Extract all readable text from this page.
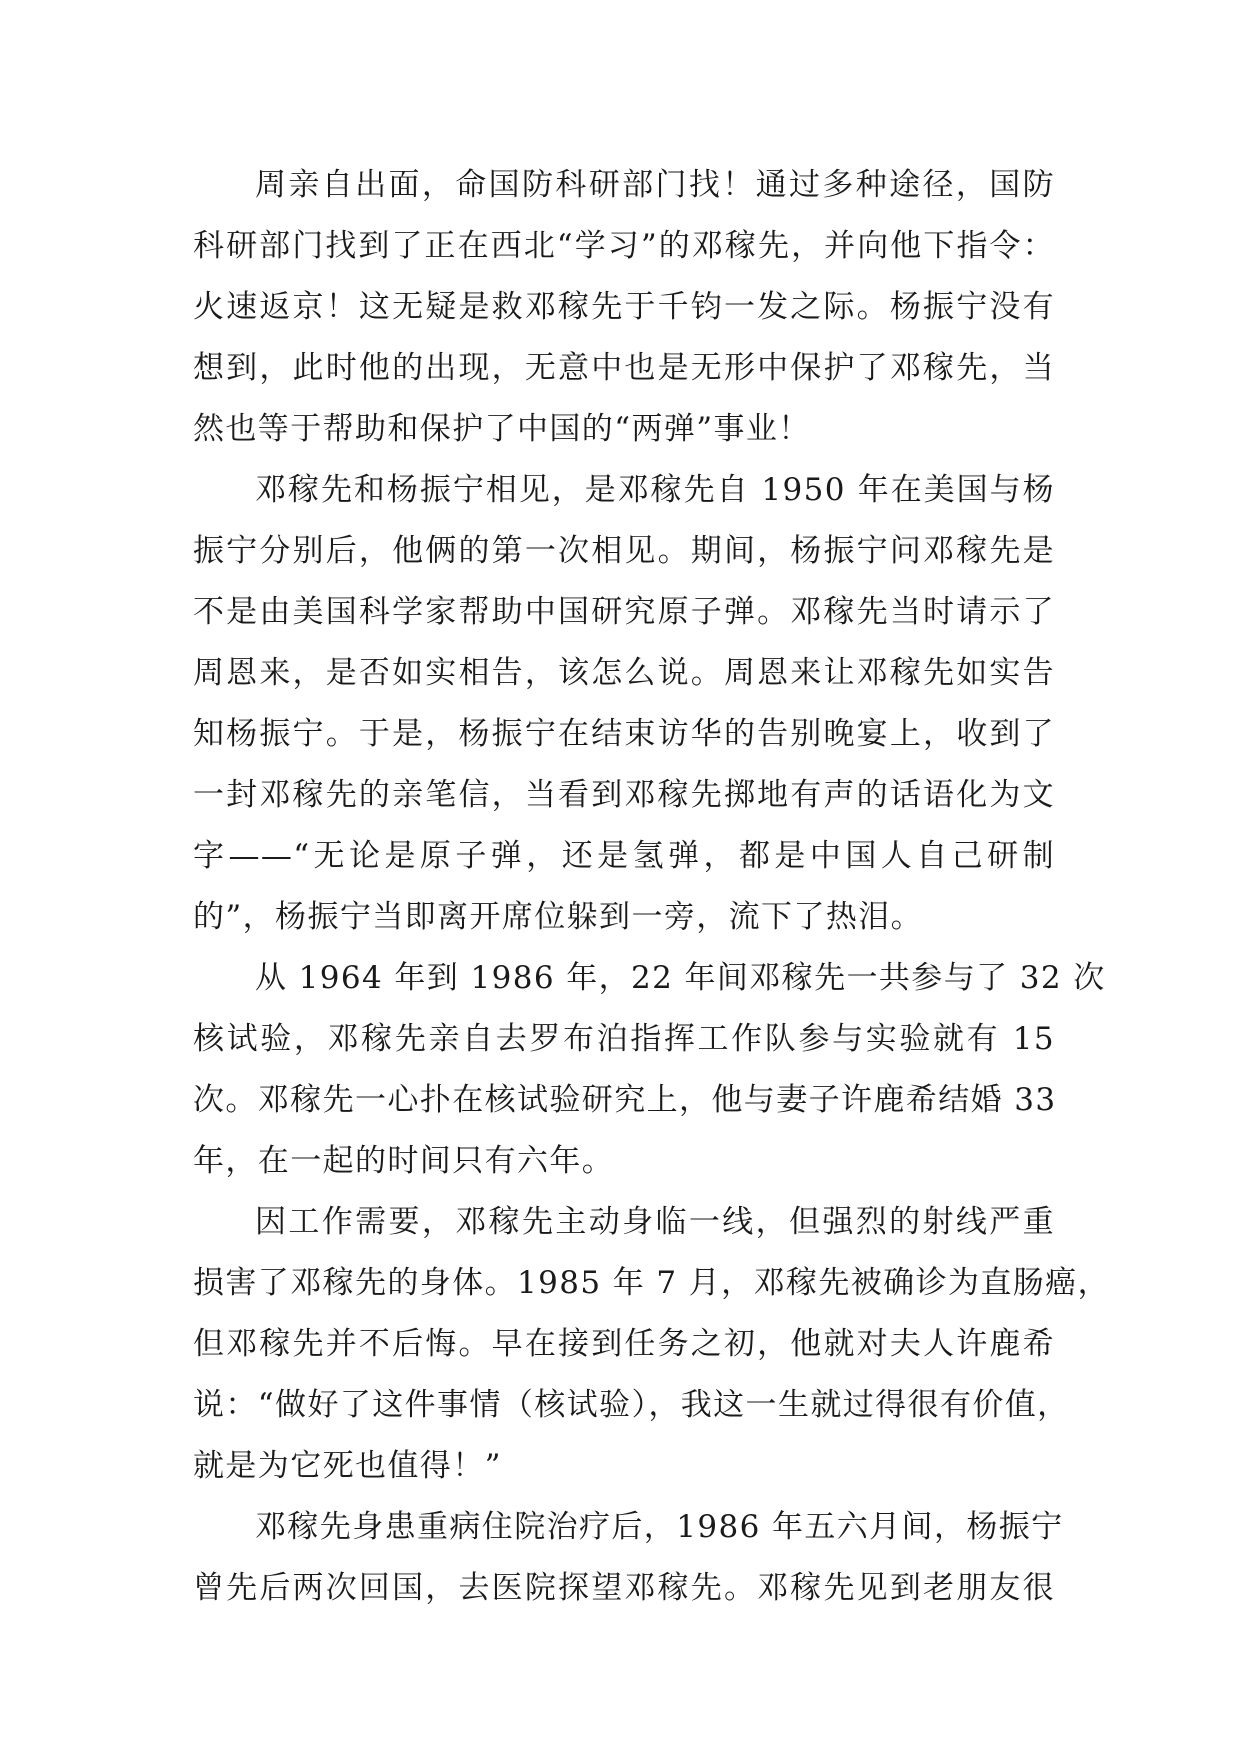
周亲自出面，命国防科研部门找！通过多种途径，国防
科研部门找到了正在西北“学习”的邓稼先，并向他下指令：
火速返京！这无疑是救邓稼先于千钧一发之际。杨振宁没有
想到，此时他的出现，无意中也是无形中保护了邓稼先，当
然也等于帮助和保护了中国的“两弹”事业！
邓稼先和杨振宁相见，是邓稼先自 1950 年在美国与杨
振宁分别后，他俩的第一次相见。期间，杨振宁问邓稼先是
不是由美国科学家帮助中国研究原子弹。邓稼先当时请示了
周恩来，是否如实相告，该怎么说。周恩来让邓稼先如实告
知杨振宁。于是，杨振宁在结束访华的告别晚宴上，收到了
一封邓稼先的亲笔信，当看到邓稼先掷地有声的话语化为文
字——“无论是原子弹，还是氢弹，都是中国人自己研制
的”，杨振宁当即离开席位躲到一旁，流下了热泪。
从 1964 年到 1986 年，22 年间邓稼先一共参与了 32 次
核试验，邓稼先亲自去罗布泊指挥工作队参与实验就有 15
次。邓稼先一心扑在核试验研究上，他与妻子许鹿希结婚 33
年，在一起的时间只有六年。
因工作需要，邓稼先主动身临一线，但强烈的射线严重
损害了邓稼先的身体。1985 年 7 月，邓稼先被确诊为直肠癌，
但邓稼先并不后悔。早在接到任务之初，他就对夫人许鹿希
说：“做好了这件事情（核试验），我这一生就过得很有价值，
就是为它死也值得！”
邓稼先身患重病住院治疗后，1986 年五六月间，杨振宁
曾先后两次回国，去医院探望邓稼先。邓稼先见到老朋友很
